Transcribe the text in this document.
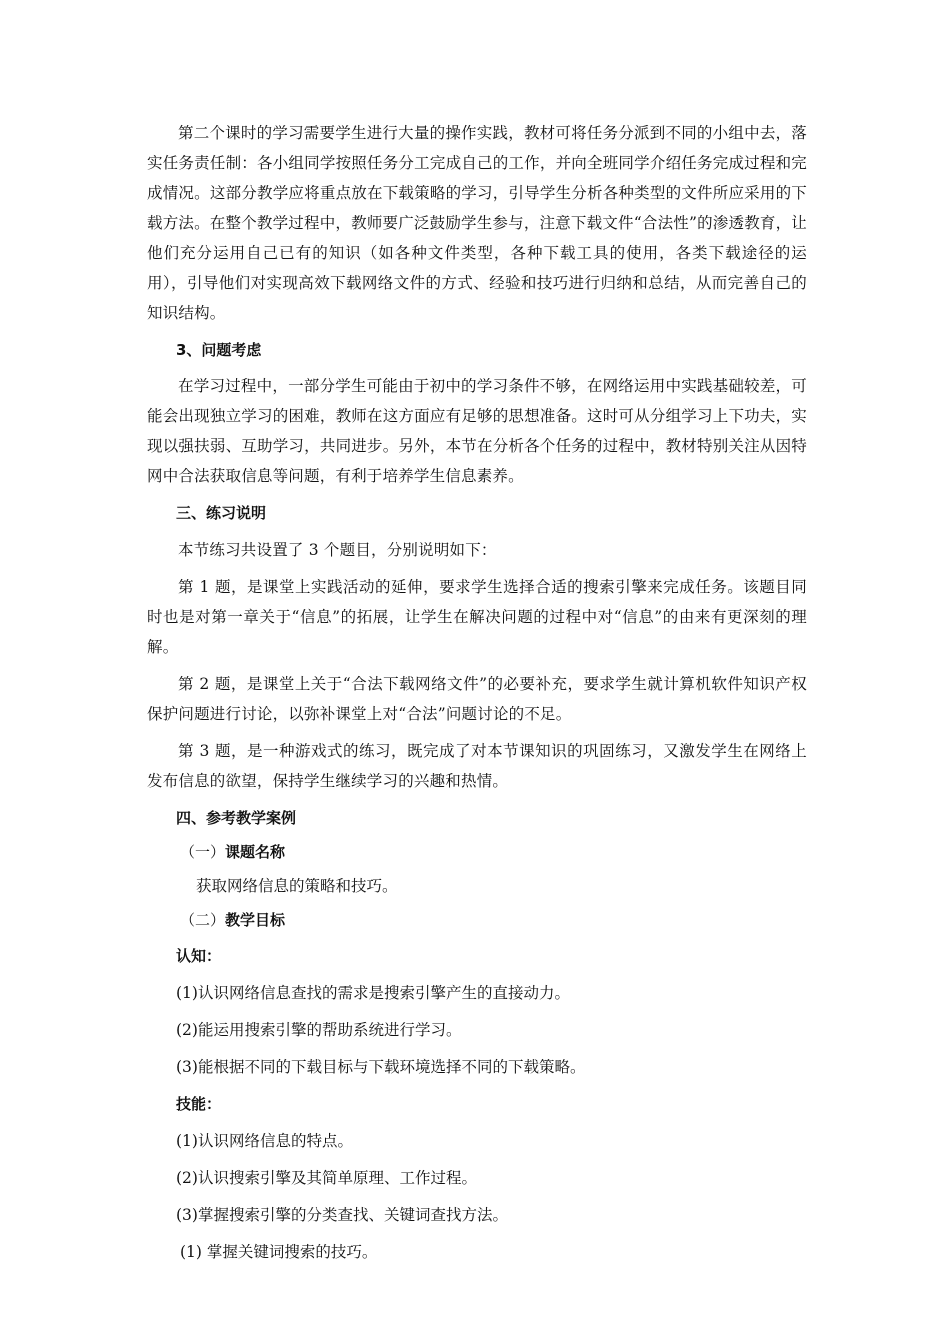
第二个课时的学习需要学生进行大量的操作实践，教材可将任务分派到不同的小组中去，落实任务责任制：各小组同学按照任务分工完成自己的工作，并向全班同学介绍任务完成过程和完成情况。这部分教学应将重点放在下载策略的学习，引导学生分析各种类型的文件所应采用的下载方法。在整个教学过程中，教师要广泛鼓励学生参与，注意下载文件“合法性”的渗透教育，让他们充分运用自己已有的知识（如各种文件类型，各种下载工具的使用，各类下载途径的运用），引导他们对实现高效下载网络文件的方式、经验和技巧进行归纳和总结，从而完善自己的知识结构。

3、问题考虑

在学习过程中，一部分学生可能由于初中的学习条件不够，在网络运用中实践基础较差，可能会出现独立学习的困难，教师在这方面应有足够的思想准备。这时可从分组学习上下功夫，实现以强扶弱、互助学习，共同进步。另外，本节在分析各个任务的过程中，教材特别关注从因特网中合法获取信息等问题，有利于培养学生信息素养。

三、练习说明

本节练习共设置了 3 个题目，分别说明如下：

第 1 题，是课堂上实践活动的延伸，要求学生选择合适的搜索引擎来完成任务。该题目同时也是对第一章关于“信息”的拓展，让学生在解决问题的过程中对“信息”的由来有更深刻的理解。

第 2 题，是课堂上关于“合法下载网络文件”的必要补充，要求学生就计算机软件知识产权保护问题进行讨论，以弥补课堂上对“合法”问题讨论的不足。

第 3 题，是一种游戏式的练习，既完成了对本节课知识的巩固练习，又激发学生在网络上发布信息的欲望，保持学生继续学习的兴趣和热情。

四、参考教学案例

（一）课题名称

获取网络信息的策略和技巧。

（二）教学目标

认知：

(1)认识网络信息查找的需求是搜索引擎产生的直接动力。

(2)能运用搜索引擎的帮助系统进行学习。

(3)能根据不同的下载目标与下载环境选择不同的下载策略。

技能：

(1)认识网络信息的特点。

(2)认识搜索引擎及其简单原理、工作过程。

(3)掌握搜索引擎的分类查找、关键词查找方法。

(1) 掌握关键词搜索的技巧。
